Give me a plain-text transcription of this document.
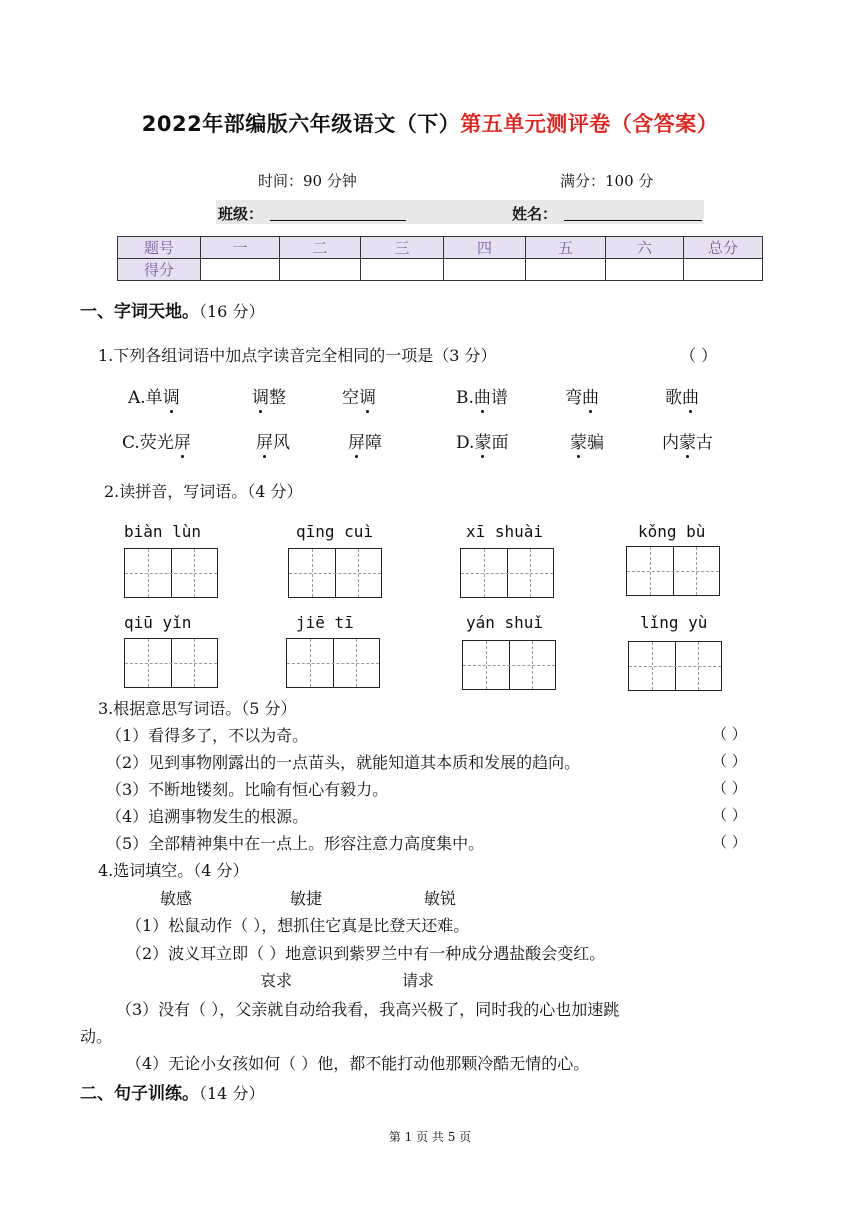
2022年部编版六年级语文（下）第五单元测评卷（含答案）
时间：90 分钟	满分：100 分
班级：	姓名：
题号	一	二	三	四	五	六	总分
得分							
一、字词天地。（16 分）
1.下列各组词语中加点字读音完全相同的一项是（3 分）	（ ）
A.单调	调整	空调	B.曲谱	弯曲	歌曲
C.荧光屏	屏风	屏障	D.蒙面	蒙骗	内蒙古
2.读拼音，写词语。（4 分）
biàn lùn	qīng cuì	xī shuài	kǒng bù
qiū yǐn	jiē tī	yán shuǐ	lǐng yù
3.根据意思写词语。（5 分）
（1）看得多了，不以为奇。	（ ）
（2）见到事物刚露出的一点苗头，就能知道其本质和发展的趋向。	（ ）
（3）不断地镂刻。比喻有恒心有毅力。	（ ）
（4）追溯事物发生的根源。	（ ）
（5）全部精神集中在一点上。形容注意力高度集中。	（ ）
4.选词填空。（4 分）
敏感	敏捷	敏锐
（1）松鼠动作（ ），想抓住它真是比登天还难。
（2）波义耳立即（ ）地意识到紫罗兰中有一种成分遇盐酸会变红。
哀求	请求
（3）没有（ ），父亲就自动给我看，我高兴极了，同时我的心也加速跳
动。
（4）无论小女孩如何（ ）他，都不能打动他那颗冷酷无情的心。
二、句子训练。（14 分）
第 1 页 共 5 页
